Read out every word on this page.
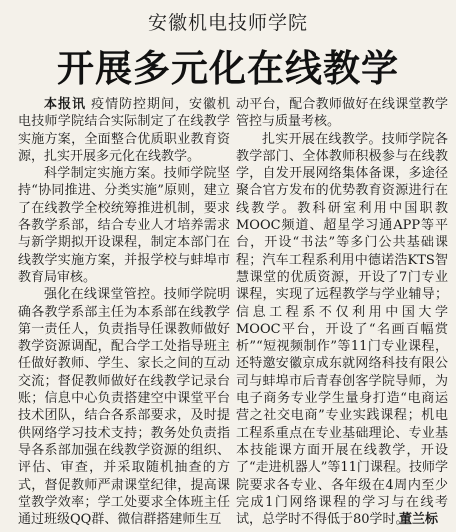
安徽机电技师学院
开展多元化在线教学

本报讯 疫情防控期间，安徽机电技师学院结合实际制定了在线教学实施方案，全面整合优质职业教育资源，扎实开展多元化在线教学。

科学制定实施方案。技师学院坚持“协同推进、分类实施”原则，建立了在线教学全校统筹推进机制，要求各教学系部，结合专业人才培养需求与新学期拟开设课程，制定本部门在线教学实施方案，并报学校与蚌埠市教育局审核。

强化在线课堂管控。技师学院明确各教学系部主任为本系部在线教学第一责任人，负责指导任课教师做好教学资源调配，配合学工处指导班主任做好教师、学生、家长之间的互动交流；督促教师做好在线教学记录台账；信息中心负责搭建空中课堂平台技术团队，结合各系部要求，及时提供网络学习技术支持；教务处负责指导各系部加强在线教学资源的组织、评估、审查，并采取随机抽查的方式，督促教师严肃课堂纪律，提高课堂教学效率；学工处要求全体班主任通过班级QQ群、微信群搭建师生互

动平台，配合教师做好在线课堂教学管控与质量考核。

扎实开展在线教学。技师学院各教学部门、全体教师积极参与在线教学，自发开展网络集体备课，多途径聚合官方发布的优势教育资源进行在线教学。教科研室利用中国职教MOOC频道、超星学习通APP等平台，开设“书法”等多门公共基础课程；汽车工程系利用中德诺浩KTS智慧课堂的优质资源，开设了7门专业课程，实现了远程教学与学业辅导；信息工程系不仅利用中国大学MOOC平台，开设了“名画百幅赏析”“短视频制作”等11门专业课程，还特邀安徽京成东就网络科技有限公司与蚌埠市后青春创客学院导师，为电子商务专业学生量身打造“电商运营之社交电商”专业实践课程；机电工程系重点在专业基础理论、专业基本技能课方面开展在线教学，开设了“走进机器人”等11门课程。技师学院要求各专业、各年级在4周内至少完成1门网络课程的学习与在线考试，总学时不得低于80学时。

董兰标
